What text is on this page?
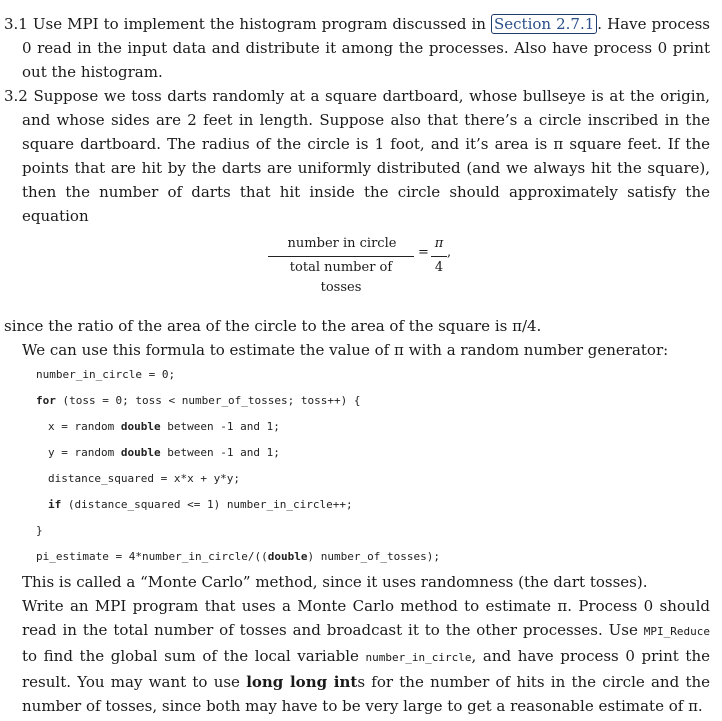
3.1 Use MPI to implement the histogram program discussed in Section 2.7.1 . Have process 0 read in the input data and distribute it among the processes. Also have process 0 print out the histogram.

3.2 Suppose we toss darts randomly at a square dartboard, whose bullseye is at the origin, and whose sides are 2 feet in length. Suppose also that there’s a circle inscribed in the square dartboard. The radius of the circle is 1 foot, and it’s area is π square feet. If the points that are hit by the darts are uniformly distributed (and we always hit the square), then the number of darts that hit inside the circle should approximately satisfy the equation

number in circle
total number of tosses
=
π
4
,

since the ratio of the area of the circle to the area of the square is π/4.

We can use this formula to estimate the value of π with a random number generator:

number_in_circle = 0;
for (toss = 0; toss < number_of_tosses; toss++) {
x = random double between -1 and 1;
y = random double between -1 and 1;
distance_squared = x*x + y*y;
if (distance_squared <= 1) number_in_circle++;
}
pi_estimate = 4*number_in_circle/((double) number_of_tosses);

This is called a “Monte Carlo” method, since it uses randomness (the dart tosses).

Write an MPI program that uses a Monte Carlo method to estimate π. Process 0 should read in the total number of tosses and broadcast it to the other processes. Use MPI_Reduce to find the global sum of the local variable number_in_circle, and have process 0 print the result. You may want to use long long ints for the number of hits in the circle and the number of tosses, since both may have to be very large to get a reasonable estimate of π.
